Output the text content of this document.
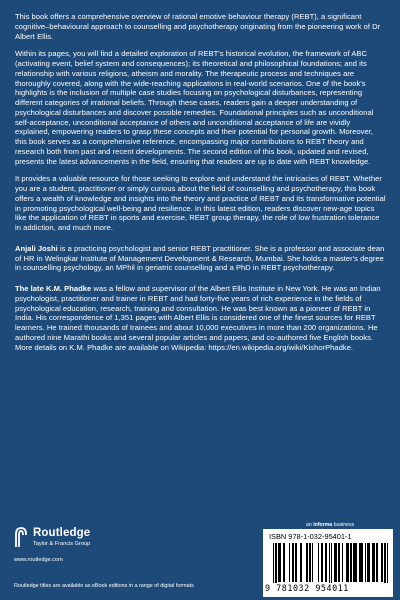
This book offers a comprehensive overview of rational emotive behaviour therapy (REBT), a significant cognitive–behavioural approach to counselling and psychotherapy originating from the pioneering work of Dr Albert Ellis.

Within its pages, you will find a detailed exploration of REBT's historical evolution, the framework of ABC (activating event, belief system and consequences); its theoretical and philosophical foundations; and its relationship with various religions, atheism and morality. The therapeutic process and techniques are thoroughly covered, along with the wide-reaching applications in real-world scenarios. One of the book's highlights is the inclusion of multiple case studies focusing on psychological disturbances, representing different categories of irrational beliefs. Through these cases, readers gain a deeper understanding of psychological disturbances and discover possible remedies. Foundational principles such as unconditional self-acceptance, unconditional acceptance of others and unconditional acceptance of life are vividly explained, empowering readers to grasp these concepts and their potential for personal growth. Moreover, this book serves as a comprehensive reference, encompassing major contributions to REBT theory and research both from past and recent developments. The second edition of this book, updated and revised, presents the latest advancements in the field, ensuring that readers are up to date with REBT knowledge.

It provides a valuable resource for those seeking to explore and understand the intricacies of REBT. Whether you are a student, practitioner or simply curious about the field of counselling and psychotherapy, this book offers a wealth of knowledge and insights into the theory and practice of REBT and its transformative potential in promoting psychological well-being and resilience. In this latest edition, readers discover new-age topics like the application of REBT in sports and exercise, REBT group therapy, the role of low frustration tolerance in addiction, and much more.

Anjali Joshi is a practicing psychologist and senior REBT practitioner. She is a professor and associate dean of HR in Welingkar Institute of Management Development & Research, Mumbai. She holds a master's degree in counselling psychology, an MPhil in geriatric counselling and a PhD in REBT psychotherapy.

The late K.M. Phadke was a fellow and supervisor of the Albert Ellis Institute in New York. He was an Indian psychologist, practitioner and trainer in REBT and had forty-five years of rich experience in the fields of psychological education, research, training and consultation. He was best known as a pioneer of REBT in India. His correspondence of 1,351 pages with Albert Ellis is considered one of the finest sources for REBT learners. He trained thousands of trainees and about 10,000 executives in more than 200 organizations. He authored nine Marathi books and several popular articles and papers, and co-authored five English books. More details on K.M. Phadke are available on Wikipedia: https://en.wikipedia.org/wiki/KishorPhadke.

Routledge
Taylor & Francis Group
www.routledge.com
Routledge titles are available as eBook editions in a range of digital formats
an informa business
ISBN 978-1-032-95401-1
9 781032 954011
